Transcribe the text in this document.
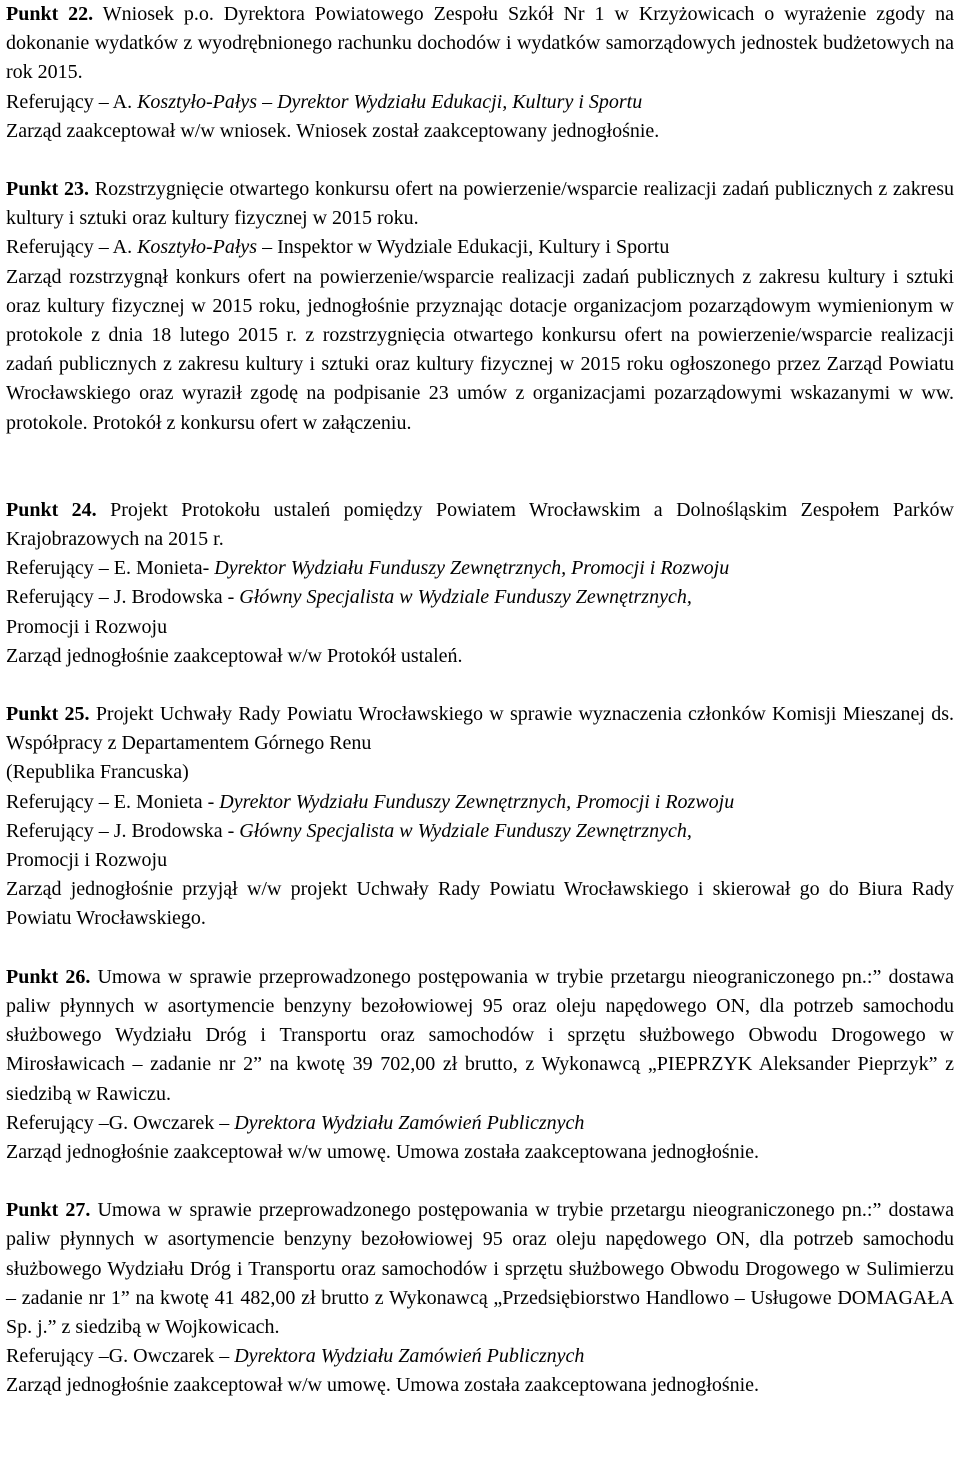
Punkt 22. Wniosek p.o. Dyrektora Powiatowego Zespołu Szkół Nr 1 w Krzyżowicach o wyrażenie zgody na dokonanie wydatków z wyodrębnionego rachunku dochodów i wydatków samorządowych jednostek budżetowych na rok 2015.

Referujący – A. Kosztyło-Pałys – Dyrektor Wydziału Edukacji, Kultury i Sportu

Zarząd zaakceptował w/w wniosek. Wniosek został zaakceptowany jednogłośnie.

Punkt 23. Rozstrzygnięcie otwartego konkursu ofert na powierzenie/wsparcie realizacji zadań publicznych z zakresu kultury i sztuki oraz kultury fizycznej w 2015 roku.

Referujący – A. Kosztyło-Pałys – Inspektor w Wydziale Edukacji, Kultury i Sportu

Zarząd rozstrzygnął konkurs ofert na powierzenie/wsparcie realizacji zadań publicznych z zakresu kultury i sztuki oraz kultury fizycznej w 2015 roku, jednogłośnie przyznając dotacje organizacjom pozarządowym wymienionym w protokole z dnia 18 lutego 2015 r. z rozstrzygnięcia otwartego konkursu ofert na powierzenie/wsparcie realizacji zadań publicznych z zakresu kultury i sztuki oraz kultury fizycznej w 2015 roku ogłoszonego przez Zarząd Powiatu Wrocławskiego oraz wyraził zgodę na podpisanie 23 umów z organizacjami pozarządowymi wskazanymi w ww. protokole. Protokół z konkursu ofert w załączeniu.

Punkt 24. Projekt Protokołu ustaleń pomiędzy Powiatem Wrocławskim a Dolnośląskim Zespołem Parków Krajobrazowych na 2015 r.

Referujący – E. Monieta- Dyrektor Wydziału Funduszy Zewnętrznych, Promocji i Rozwoju

Referujący – J. Brodowska - Główny Specjalista w Wydziale Funduszy Zewnętrznych,
Promocji i Rozwoju

Zarząd jednogłośnie zaakceptował w/w Protokół ustaleń.

Punkt 25. Projekt Uchwały Rady Powiatu Wrocławskiego w sprawie wyznaczenia członków Komisji Mieszanej ds. Współpracy z Departamentem Górnego Renu

(Republika Francuska)

Referujący – E. Monieta - Dyrektor Wydziału Funduszy Zewnętrznych, Promocji i Rozwoju

Referujący – J. Brodowska - Główny Specjalista w Wydziale Funduszy Zewnętrznych,
Promocji i Rozwoju

Zarząd jednogłośnie przyjął w/w projekt Uchwały Rady Powiatu Wrocławskiego i skierował go do Biura Rady Powiatu Wrocławskiego.

Punkt 26. Umowa w sprawie przeprowadzonego postępowania w trybie przetargu nieograniczonego pn.:” dostawa paliw płynnych w asortymencie benzyny bezołowiowej 95 oraz oleju napędowego ON, dla potrzeb samochodu służbowego Wydziału Dróg i Transportu oraz samochodów i sprzętu służbowego Obwodu Drogowego w Mirosławicach – zadanie nr 2” na kwotę 39 702,00 zł brutto, z Wykonawcą „PIEPRZYK Aleksander Pieprzyk” z siedzibą w Rawiczu.

Referujący –G. Owczarek – Dyrektora Wydziału Zamówień Publicznych

Zarząd jednogłośnie zaakceptował w/w umowę. Umowa została zaakceptowana jednogłośnie.

Punkt 27. Umowa w sprawie przeprowadzonego postępowania w trybie przetargu nieograniczonego pn.:” dostawa paliw płynnych w asortymencie benzyny bezołowiowej 95 oraz oleju napędowego ON, dla potrzeb samochodu służbowego Wydziału Dróg i Transportu oraz samochodów i sprzętu służbowego Obwodu Drogowego w Sulimierzu – zadanie nr 1” na kwotę 41 482,00 zł brutto z Wykonawcą „Przedsiębiorstwo Handlowo – Usługowe DOMAGAŁA Sp. j.” z siedzibą w Wojkowicach.

Referujący –G. Owczarek – Dyrektora Wydziału Zamówień Publicznych

Zarząd jednogłośnie zaakceptował w/w umowę. Umowa została zaakceptowana jednogłośnie.
